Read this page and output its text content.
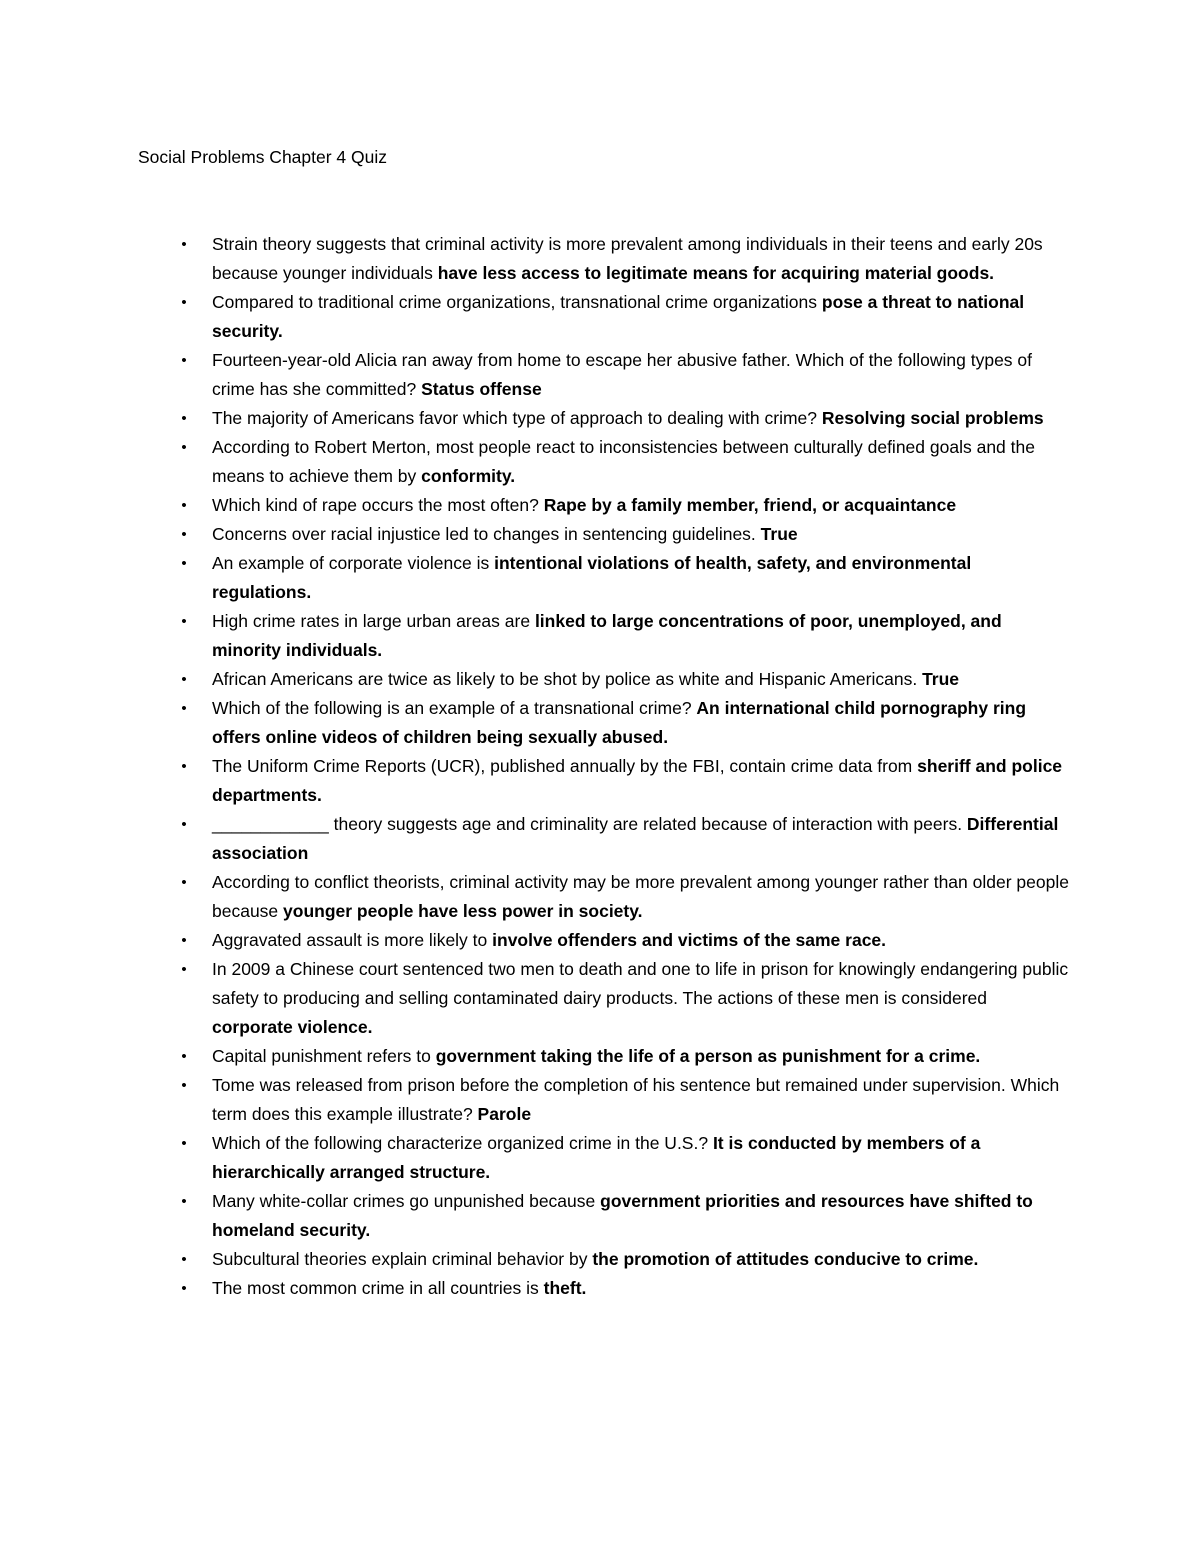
Social Problems Chapter 4 Quiz
•	Strain theory suggests that criminal activity is more prevalent among individuals in their teens and early 20s because younger individuals have less access to legitimate means for acquiring material goods.
•	Compared to traditional crime organizations, transnational crime organizations pose a threat to national security.
•	Fourteen-year-old Alicia ran away from home to escape her abusive father. Which of the following types of crime has she committed? Status offense
•	The majority of Americans favor which type of approach to dealing with crime? Resolving social problems
•	According to Robert Merton, most people react to inconsistencies between culturally defined goals and the means to achieve them by conformity.
•	Which kind of rape occurs the most often? Rape by a family member, friend, or acquaintance
•	Concerns over racial injustice led to changes in sentencing guidelines. True
•	An example of corporate violence is intentional violations of health, safety, and environmental regulations.
•	High crime rates in large urban areas are linked to large concentrations of poor, unemployed, and minority individuals.
•	African Americans are twice as likely to be shot by police as white and Hispanic Americans. True
•	Which of the following is an example of a transnational crime? An international child pornography ring offers online videos of children being sexually abused.
•	The Uniform Crime Reports (UCR), published annually by the FBI, contain crime data from sheriff and police departments.
•	____________ theory suggests age and criminality are related because of interaction with peers. Differential association
•	According to conflict theorists, criminal activity may be more prevalent among younger rather than older people because younger people have less power in society.
•	Aggravated assault is more likely to involve offenders and victims of the same race.
•	In 2009 a Chinese court sentenced two men to death and one to life in prison for knowingly endangering public safety to producing and selling contaminated dairy products. The actions of these men is considered corporate violence.
•	Capital punishment refers to government taking the life of a person as punishment for a crime.
•	Tome was released from prison before the completion of his sentence but remained under supervision. Which term does this example illustrate? Parole
•	Which of the following characterize organized crime in the U.S.? It is conducted by members of a hierarchically arranged structure.
•	Many white-collar crimes go unpunished because government priorities and resources have shifted to homeland security.
•	Subcultural theories explain criminal behavior by the promotion of attitudes conducive to crime.
•	The most common crime in all countries is theft.
